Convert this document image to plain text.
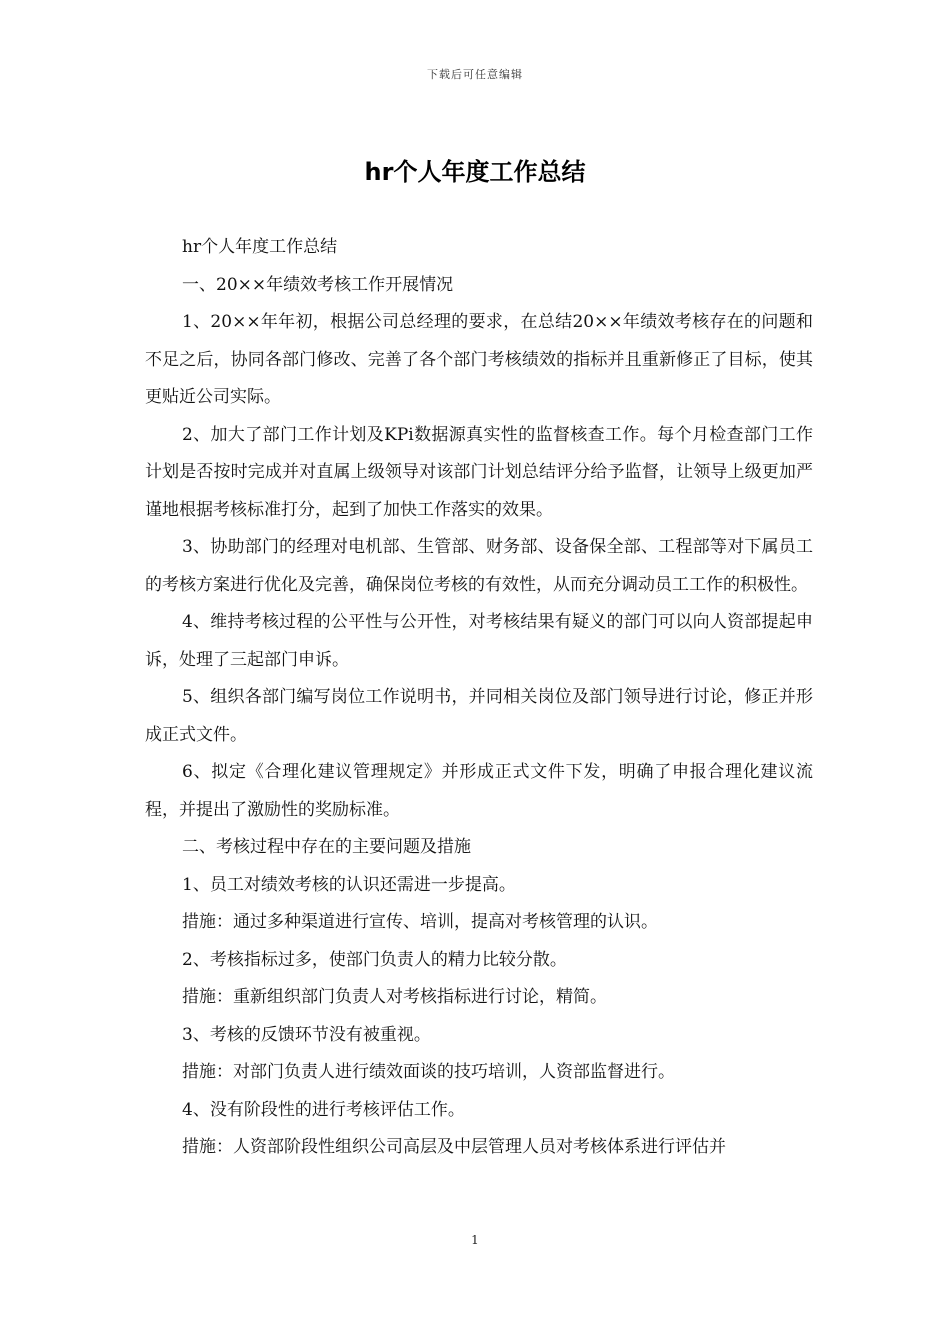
下载后可任意编辑
hr个人年度工作总结

hr个人年度工作总结

一、20××年绩效考核工作开展情况

1、20××年年初，根据公司总经理的要求，在总结20××年绩效考核存在的问题和不足之后，协同各部门修改、完善了各个部门考核绩效的指标并且重新修正了目标，使其更贴近公司实际。

2、加大了部门工作计划及KPi数据源真实性的监督核查工作。每个月检查部门工作计划是否按时完成并对直属上级领导对该部门计划总结评分给予监督，让领导上级更加严谨地根据考核标准打分，起到了加快工作落实的效果。

3、协助部门的经理对电机部、生管部、财务部、设备保全部、工程部等对下属员工的考核方案进行优化及完善，确保岗位考核的有效性，从而充分调动员工工作的积极性。

4、维持考核过程的公平性与公开性，对考核结果有疑义的部门可以向人资部提起申诉，处理了三起部门申诉。

5、组织各部门编写岗位工作说明书，并同相关岗位及部门领导进行讨论，修正并形成正式文件。

6、拟定《合理化建议管理规定》并形成正式文件下发，明确了申报合理化建议流程，并提出了激励性的奖励标准。

二、考核过程中存在的主要问题及措施

1、员工对绩效考核的认识还需进一步提高。

措施：通过多种渠道进行宣传、培训，提高对考核管理的认识。

2、考核指标过多，使部门负责人的精力比较分散。

措施：重新组织部门负责人对考核指标进行讨论，精简。

3、考核的反馈环节没有被重视。

措施：对部门负责人进行绩效面谈的技巧培训，人资部监督进行。

4、没有阶段性的进行考核评估工作。

措施：人资部阶段性组织公司高层及中层管理人员对考核体系进行评估并

1
